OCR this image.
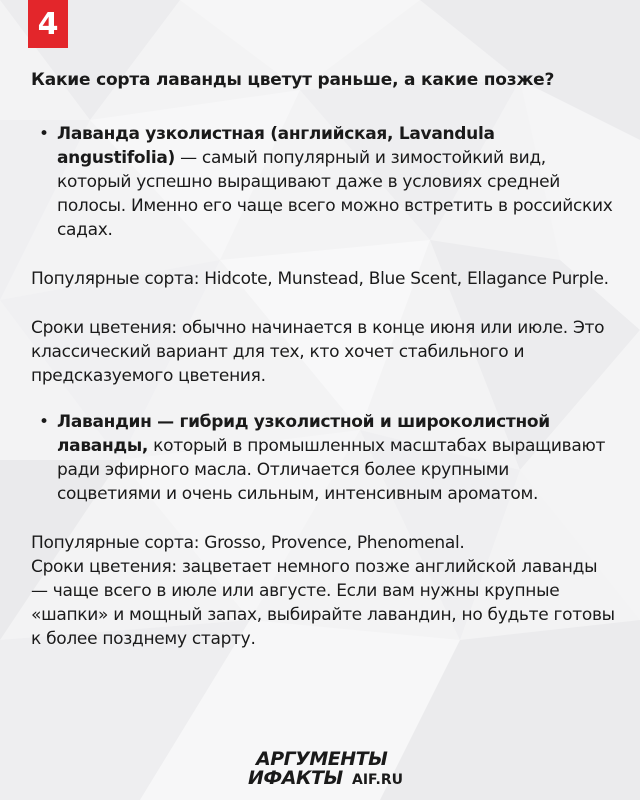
4

Какие сорта лаванды цветут раньше, а какие позже?

• Лаванда узколистная (английская, Lavandula angustifolia) — самый популярный и зимостойкий вид, который успешно выращивают даже в условиях средней полосы. Именно его чаще всего можно встретить в российских садах.

Популярные сорта: Hidcote, Munstead, Blue Scent, Ellagance Purple.

Сроки цветения: обычно начинается в конце июня или июле. Это классический вариант для тех, кто хочет стабильного и предсказуемого цветения.

• Лавандин — гибрид узколистной и широколистной лаванды, который в промышленных масштабах выращивают ради эфирного масла. Отличается более крупными соцветиями и очень сильным, интенсивным ароматом.

Популярные сорта: Grosso, Provence, Phenomenal.

Сроки цветения: зацветает немного позже английской лаванды — чаще всего в июле или августе. Если вам нужны крупные «шапки» и мощный запах, выбирайте лавандин, но будьте готовы к более позднему старту.

АРГУМЕНТЫ
ИФАКТЫ AIF.RU
